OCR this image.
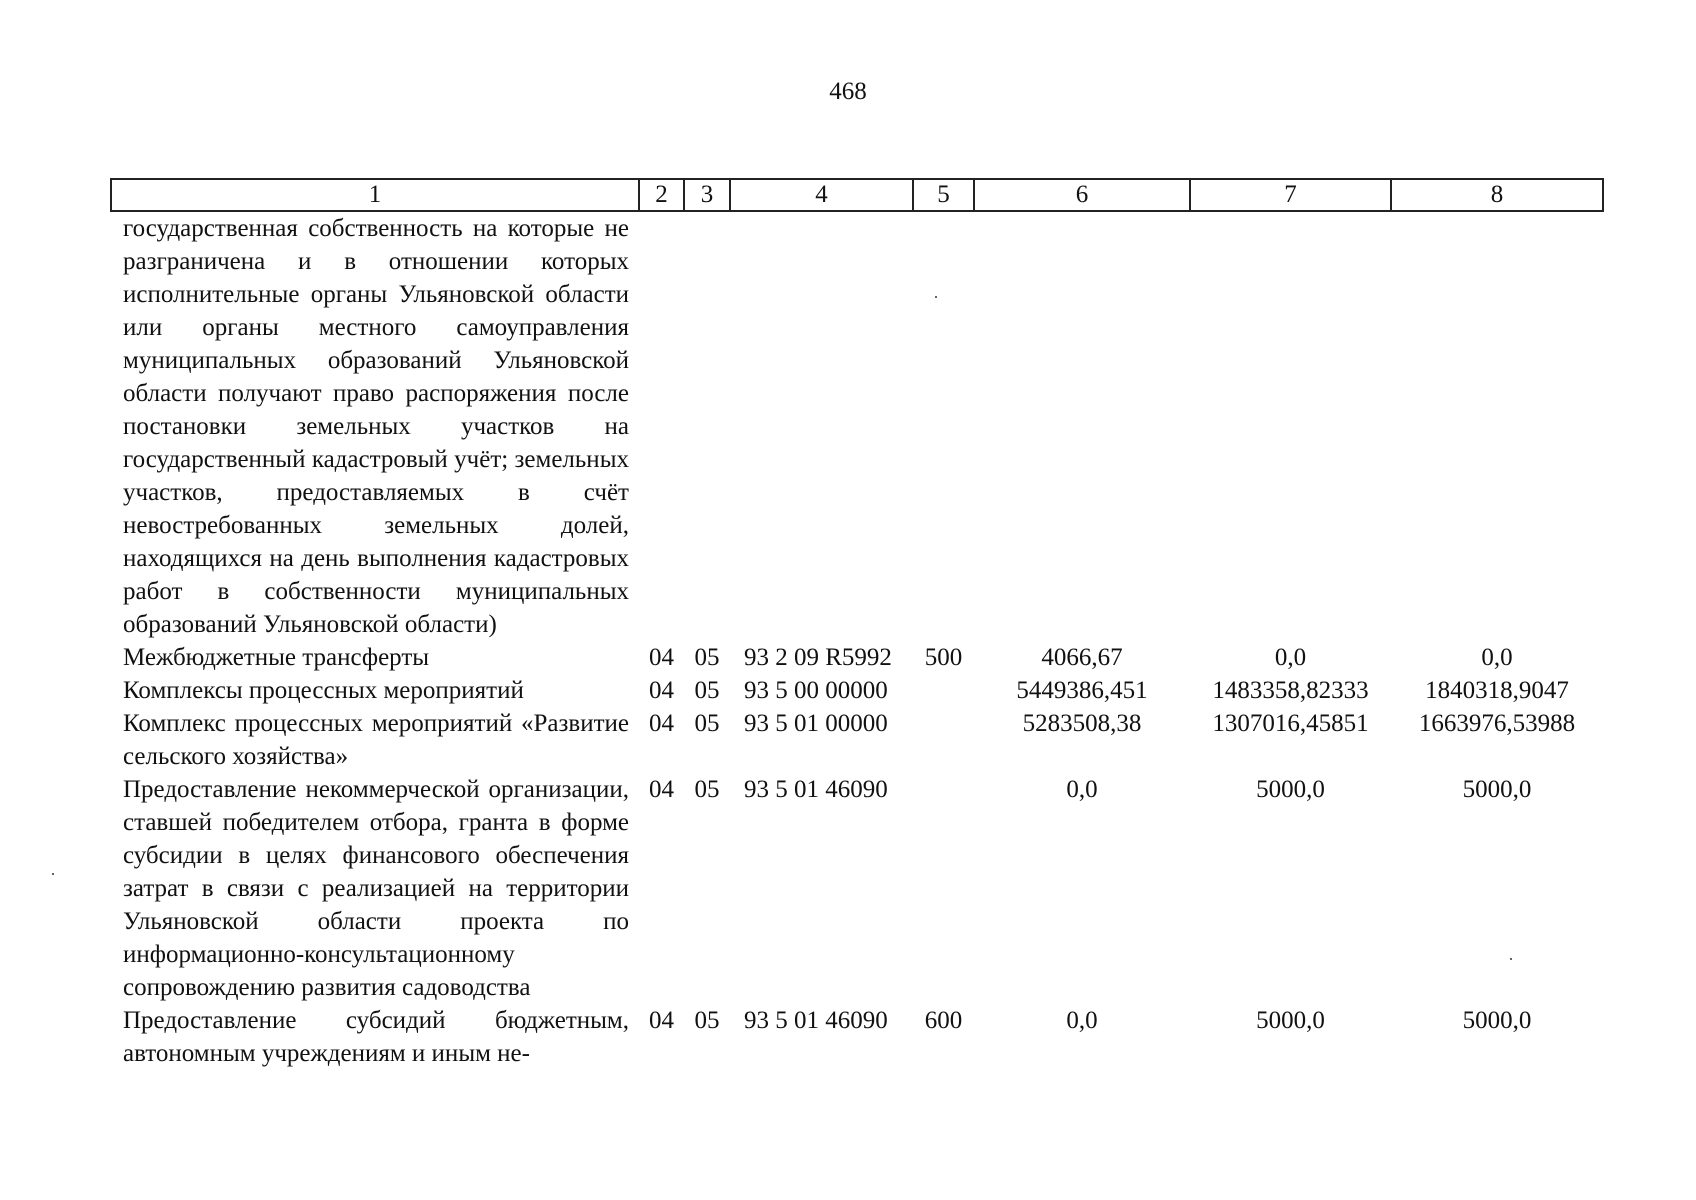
468
1	2	3	4	5	6	7	8
государственная собственность на которые не разграничена и в отношении которых исполнительные органы Ульяновской области или органы местного самоуправления муниципальных образований Ульяновской области получают право распоряжения после постановки земельных участков на государственный кадастровый учёт; земельных участков, предоставляемых в счёт невостребованных земельных долей, находящихся на день выполнения кадастровых работ в собственности муниципальных образований Ульяновской области)							
Межбюджетные трансферты	04	05	93 2 09 R5992	500	4066,67	0,0	0,0
Комплексы процессных мероприятий	04	05	93 5 00 00000		5449386,451	1483358,82333	1840318,9047
Комплекс процессных мероприятий «Развитие сельского хозяйства»	04	05	93 5 01 00000		5283508,38	1307016,45851	1663976,53988
Предоставление некоммерческой организации, ставшей победителем отбора, гранта в форме субсидии в целях финансового обеспечения затрат в связи с реализацией на территории Ульяновской области проекта по информационно-консультационному сопровождению развития садоводства	04	05	93 5 01 46090		0,0	5000,0	5000,0
Предоставление субсидий бюджетным, автономным учреждениям и иным не-	04	05	93 5 01 46090	600	0,0	5000,0	5000,0
